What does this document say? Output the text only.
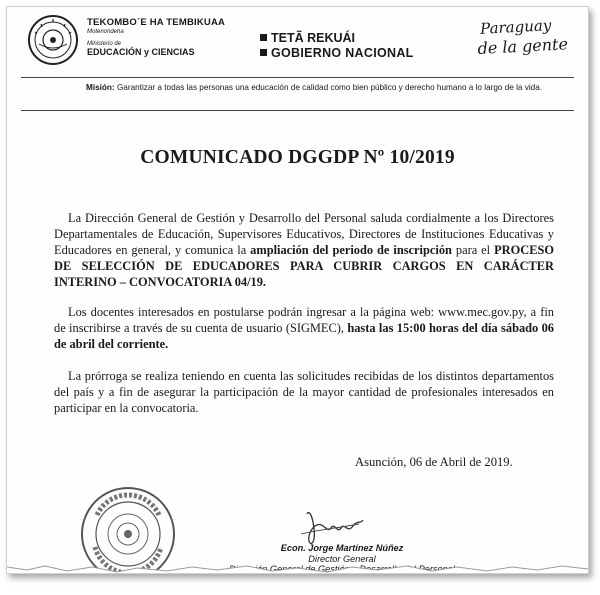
TEKOMBO´E HA TEMBIKUAA
Motenondeha
Ministerio de
EDUCACIÓN y CIENCIAS
TETÃ REKUÁI
GOBIERNO NACIONAL
Paraguay
de la gente
Misión: Garantizar a todas las personas una educación de calidad como bien público y derecho humano a lo largo de la vida.
COMUNICADO DGGDP Nº 10/2019

La Dirección General de Gestión y Desarrollo del Personal saluda cordialmente a los Directores Departamentales de Educación, Supervisores Educativos, Directores de Instituciones Educativas y Educadores en general, y comunica la ampliación del periodo de inscripción para el PROCESO DE SELECCIÓN DE EDUCADORES PARA CUBRIR CARGOS EN CARÁCTER INTERINO – CONVOCATORIA 04/19.

Los docentes interesados en postularse podrán ingresar a la página web: www.mec.gov.py, a fin de inscribirse a través de su cuenta de usuario (SIGMEC), hasta las 15:00 horas del día sábado 06 de abril del corriente.

La prórroga se realiza teniendo en cuenta las solicitudes recibidas de los distintos departamentos del país y a fin de asegurar la participación de la mayor cantidad de profesionales interesados en participar en la convocatoria.

Asunción, 06 de Abril de 2019.
Econ. Jorge Martínez Núñez
Director General
